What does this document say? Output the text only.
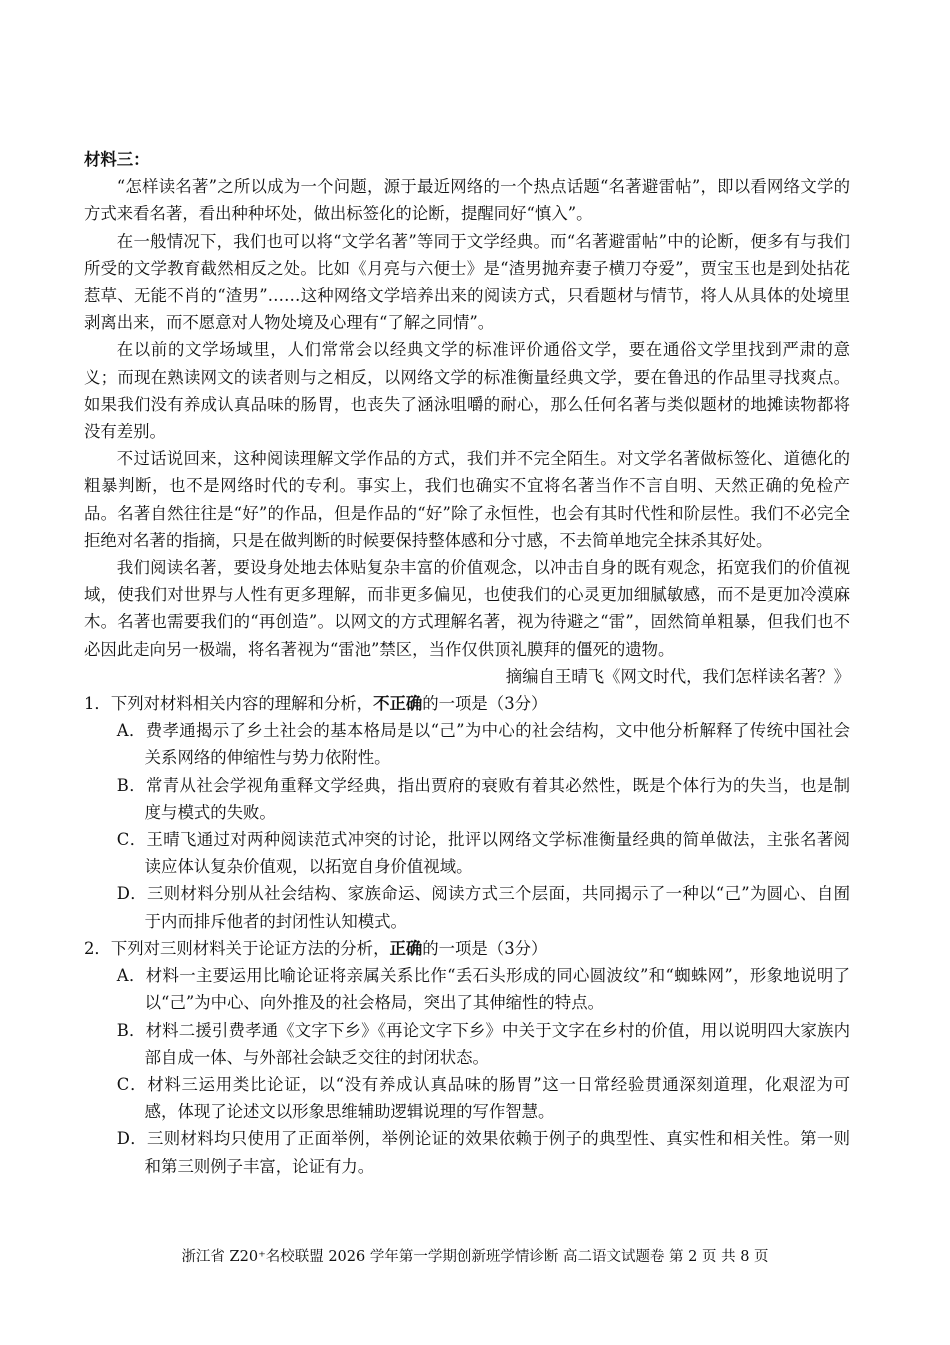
材料三：

“怎样读名著”之所以成为一个问题，源于最近网络的一个热点话题“名著避雷帖”，即以看网络文学的方式来看名著，看出种种坏处，做出标签化的论断，提醒同好“慎入”。

在一般情况下，我们也可以将“文学名著”等同于文学经典。而“名著避雷帖”中的论断，便多有与我们所受的文学教育截然相反之处。比如《月亮与六便士》是“渣男抛弃妻子横刀夺爱”，贾宝玉也是到处拈花惹草、无能不肖的“渣男”……这种网络文学培养出来的阅读方式，只看题材与情节，将人从具体的处境里剥离出来，而不愿意对人物处境及心理有“了解之同情”。

在以前的文学场域里，人们常常会以经典文学的标准评价通俗文学，要在通俗文学里找到严肃的意义；而现在熟读网文的读者则与之相反，以网络文学的标准衡量经典文学，要在鲁迅的作品里寻找爽点。如果我们没有养成认真品味的肠胃，也丧失了涵泳咀嚼的耐心，那么任何名著与类似题材的地摊读物都将没有差别。

不过话说回来，这种阅读理解文学作品的方式，我们并不完全陌生。对文学名著做标签化、道德化的粗暴判断，也不是网络时代的专利。事实上，我们也确实不宜将名著当作不言自明、天然正确的免检产品。名著自然往往是“好”的作品，但是作品的“好”除了永恒性，也会有其时代性和阶层性。我们不必完全拒绝对名著的指摘，只是在做判断的时候要保持整体感和分寸感，不去简单地完全抹杀其好处。

我们阅读名著，要设身处地去体贴复杂丰富的价值观念，以冲击自身的既有观念，拓宽我们的价值视域，使我们对世界与人性有更多理解，而非更多偏见，也使我们的心灵更加细腻敏感，而不是更加冷漠麻木。名著也需要我们的“再创造”。以网文的方式理解名著，视为待避之“雷”，固然简单粗暴，但我们也不必因此走向另一极端，将名著视为“雷池”禁区，当作仅供顶礼膜拜的僵死的遗物。

摘编自王晴飞《网文时代，我们怎样读名著？》

1．下列对材料相关内容的理解和分析，不正确的一项是（3分）

A．费孝通揭示了乡土社会的基本格局是以“己”为中心的社会结构，文中他分析解释了传统中国社会关系网络的伸缩性与势力依附性。

B．常青从社会学视角重释文学经典，指出贾府的衰败有着其必然性，既是个体行为的失当，也是制度与模式的失败。

C．王晴飞通过对两种阅读范式冲突的讨论，批评以网络文学标准衡量经典的简单做法，主张名著阅读应体认复杂价值观，以拓宽自身价值视域。

D．三则材料分别从社会结构、家族命运、阅读方式三个层面，共同揭示了一种以“己”为圆心、自囿于内而排斥他者的封闭性认知模式。

2．下列对三则材料关于论证方法的分析，正确的一项是（3分）

A．材料一主要运用比喻论证将亲属关系比作“丢石头形成的同心圆波纹”和“蜘蛛网”，形象地说明了以“己”为中心、向外推及的社会格局，突出了其伸缩性的特点。

B．材料二援引费孝通《文字下乡》《再论文字下乡》中关于文字在乡村的价值，用以说明四大家族内部自成一体、与外部社会缺乏交往的封闭状态。

C．材料三运用类比论证，以“没有养成认真品味的肠胃”这一日常经验贯通深刻道理，化艰涩为可感，体现了论述文以形象思维辅助逻辑说理的写作智慧。

D．三则材料均只使用了正面举例，举例论证的效果依赖于例子的典型性、真实性和相关性。第一则和第三则例子丰富，论证有力。

浙江省 Z20⁺名校联盟 2026 学年第一学期创新班学情诊断 高二语文试题卷 第 2 页 共 8 页
